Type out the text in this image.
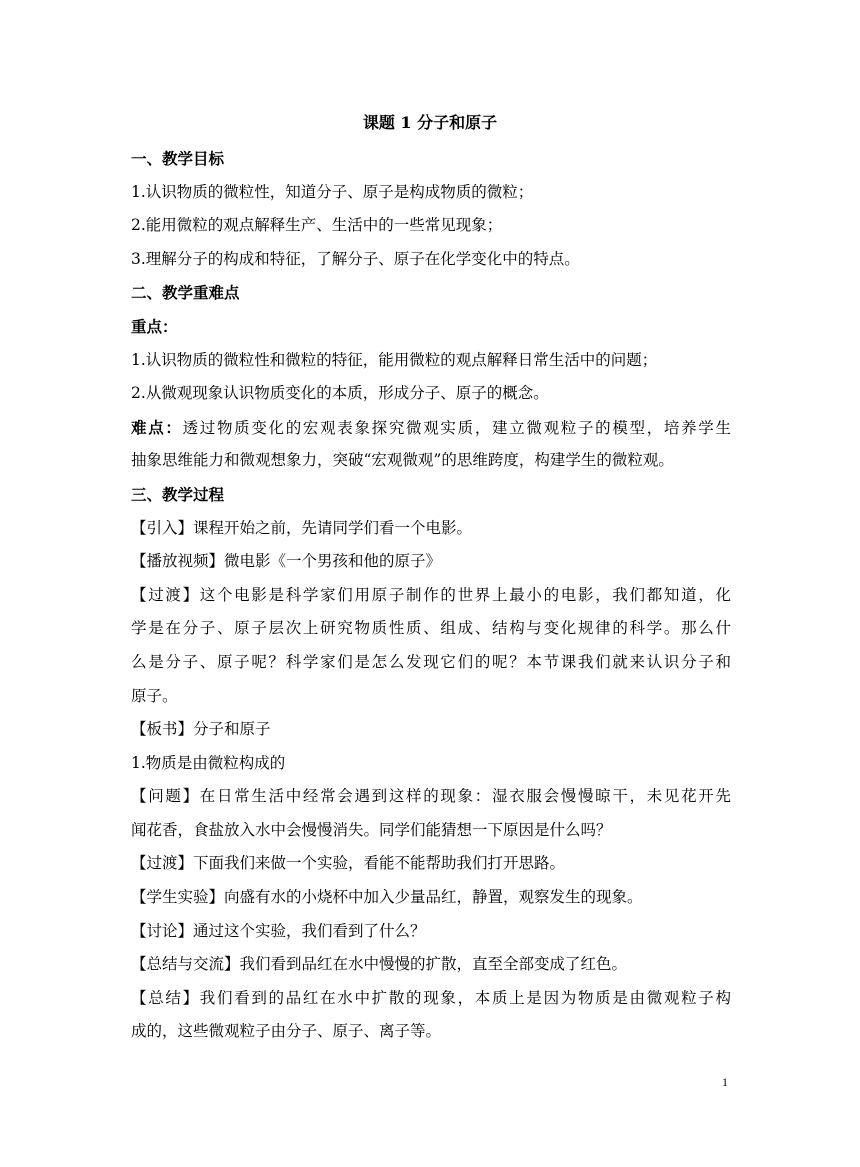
课题 1 分子和原子
一、教学目标
1.认识物质的微粒性，知道分子、原子是构成物质的微粒；
2.能用微粒的观点解释生产、生活中的一些常见现象；
3.理解分子的构成和特征，了解分子、原子在化学变化中的特点。
二、教学重难点
重点：
1.认识物质的微粒性和微粒的特征，能用微粒的观点解释日常生活中的问题；
2.从微观现象认识物质变化的本质，形成分子、原子的概念。
难点：透过物质变化的宏观表象探究微观实质，建立微观粒子的模型，培养学生
抽象思维能力和微观想象力，突破“宏观微观”的思维跨度，构建学生的微粒观。
三、教学过程
【引入】课程开始之前，先请同学们看一个电影。
【播放视频】微电影《一个男孩和他的原子》
【过渡】这个电影是科学家们用原子制作的世界上最小的电影，我们都知道，化
学是在分子、原子层次上研究物质性质、组成、结构与变化规律的科学。那么什
么是分子、原子呢？科学家们是怎么发现它们的呢？本节课我们就来认识分子和
原子。
【板书】分子和原子
1.物质是由微粒构成的
【问题】在日常生活中经常会遇到这样的现象：湿衣服会慢慢晾干，未见花开先
闻花香，食盐放入水中会慢慢消失。同学们能猜想一下原因是什么吗？
【过渡】下面我们来做一个实验，看能不能帮助我们打开思路。
【学生实验】向盛有水的小烧杯中加入少量品红，静置，观察发生的现象。
【讨论】通过这个实验，我们看到了什么？
【总结与交流】我们看到品红在水中慢慢的扩散，直至全部变成了红色。
【总结】我们看到的品红在水中扩散的现象，本质上是因为物质是由微观粒子构
成的，这些微观粒子由分子、原子、离子等。
1
